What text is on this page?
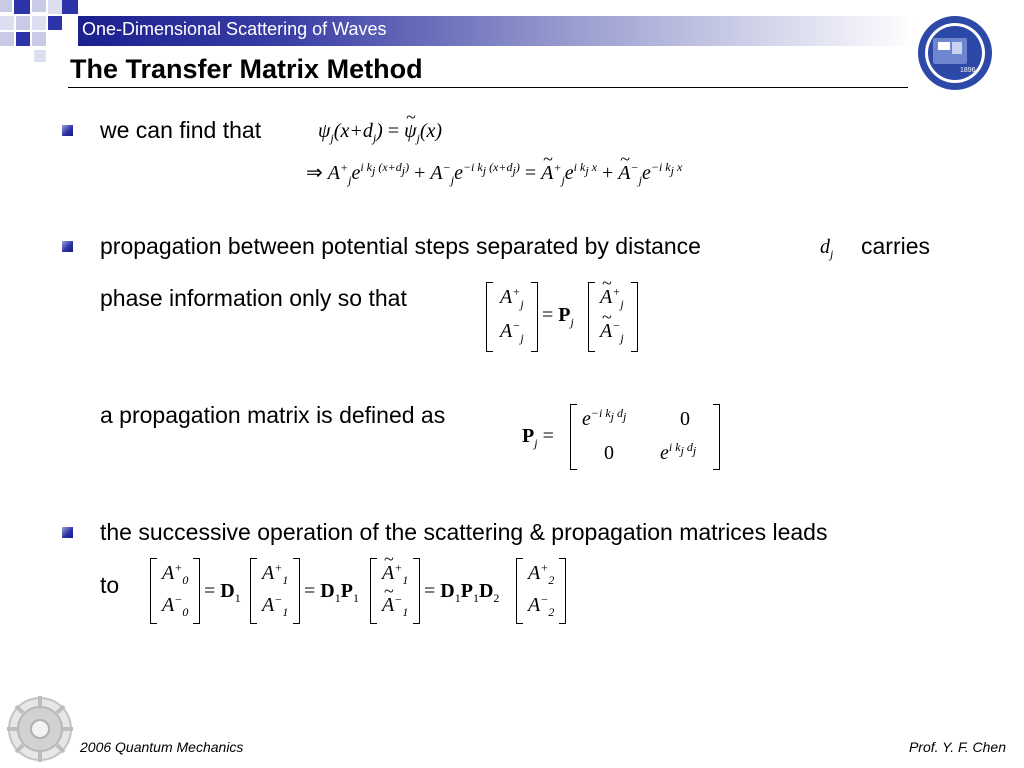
One-Dimensional Scattering of Waves
The Transfer Matrix Method	1896
we can find that	$\psi_j(x+d_j)$ = ~ $\psi_j(x)$
⇒ $A^+_je^{i k_j (x+d_j)} + A^-_je^{-i k_j (x+d_j)}$ = ~ $A^+_je^{i k_j x}$ + ~ $A^-_je^{-i k_j x}$
propagation between potential steps separated by distance	$d_j$ carries
phase information only so that	$A^+_j$
$A^-_j$
= $P_j$
~ $A^+_j$
~ $A^-_j$
a propagation matrix is defined as
$P_j$ =
$e^{-i k_j d_j}$	0
0 $e^{i k_j d_j}$
the successive operation of the scattering & propagation matrices leads
to $A^+_0$
$A^-_0$
= $D_1$
$A^+_1$
$A^-_1$
= $D_1P_1$
~ $A^+_1$
~ $A^-_1$
= $D_1P_1D_2$
$A^+_2$
$A^-_2$
2006 Quantum Mechanics	Prof. Y. F. Chen
